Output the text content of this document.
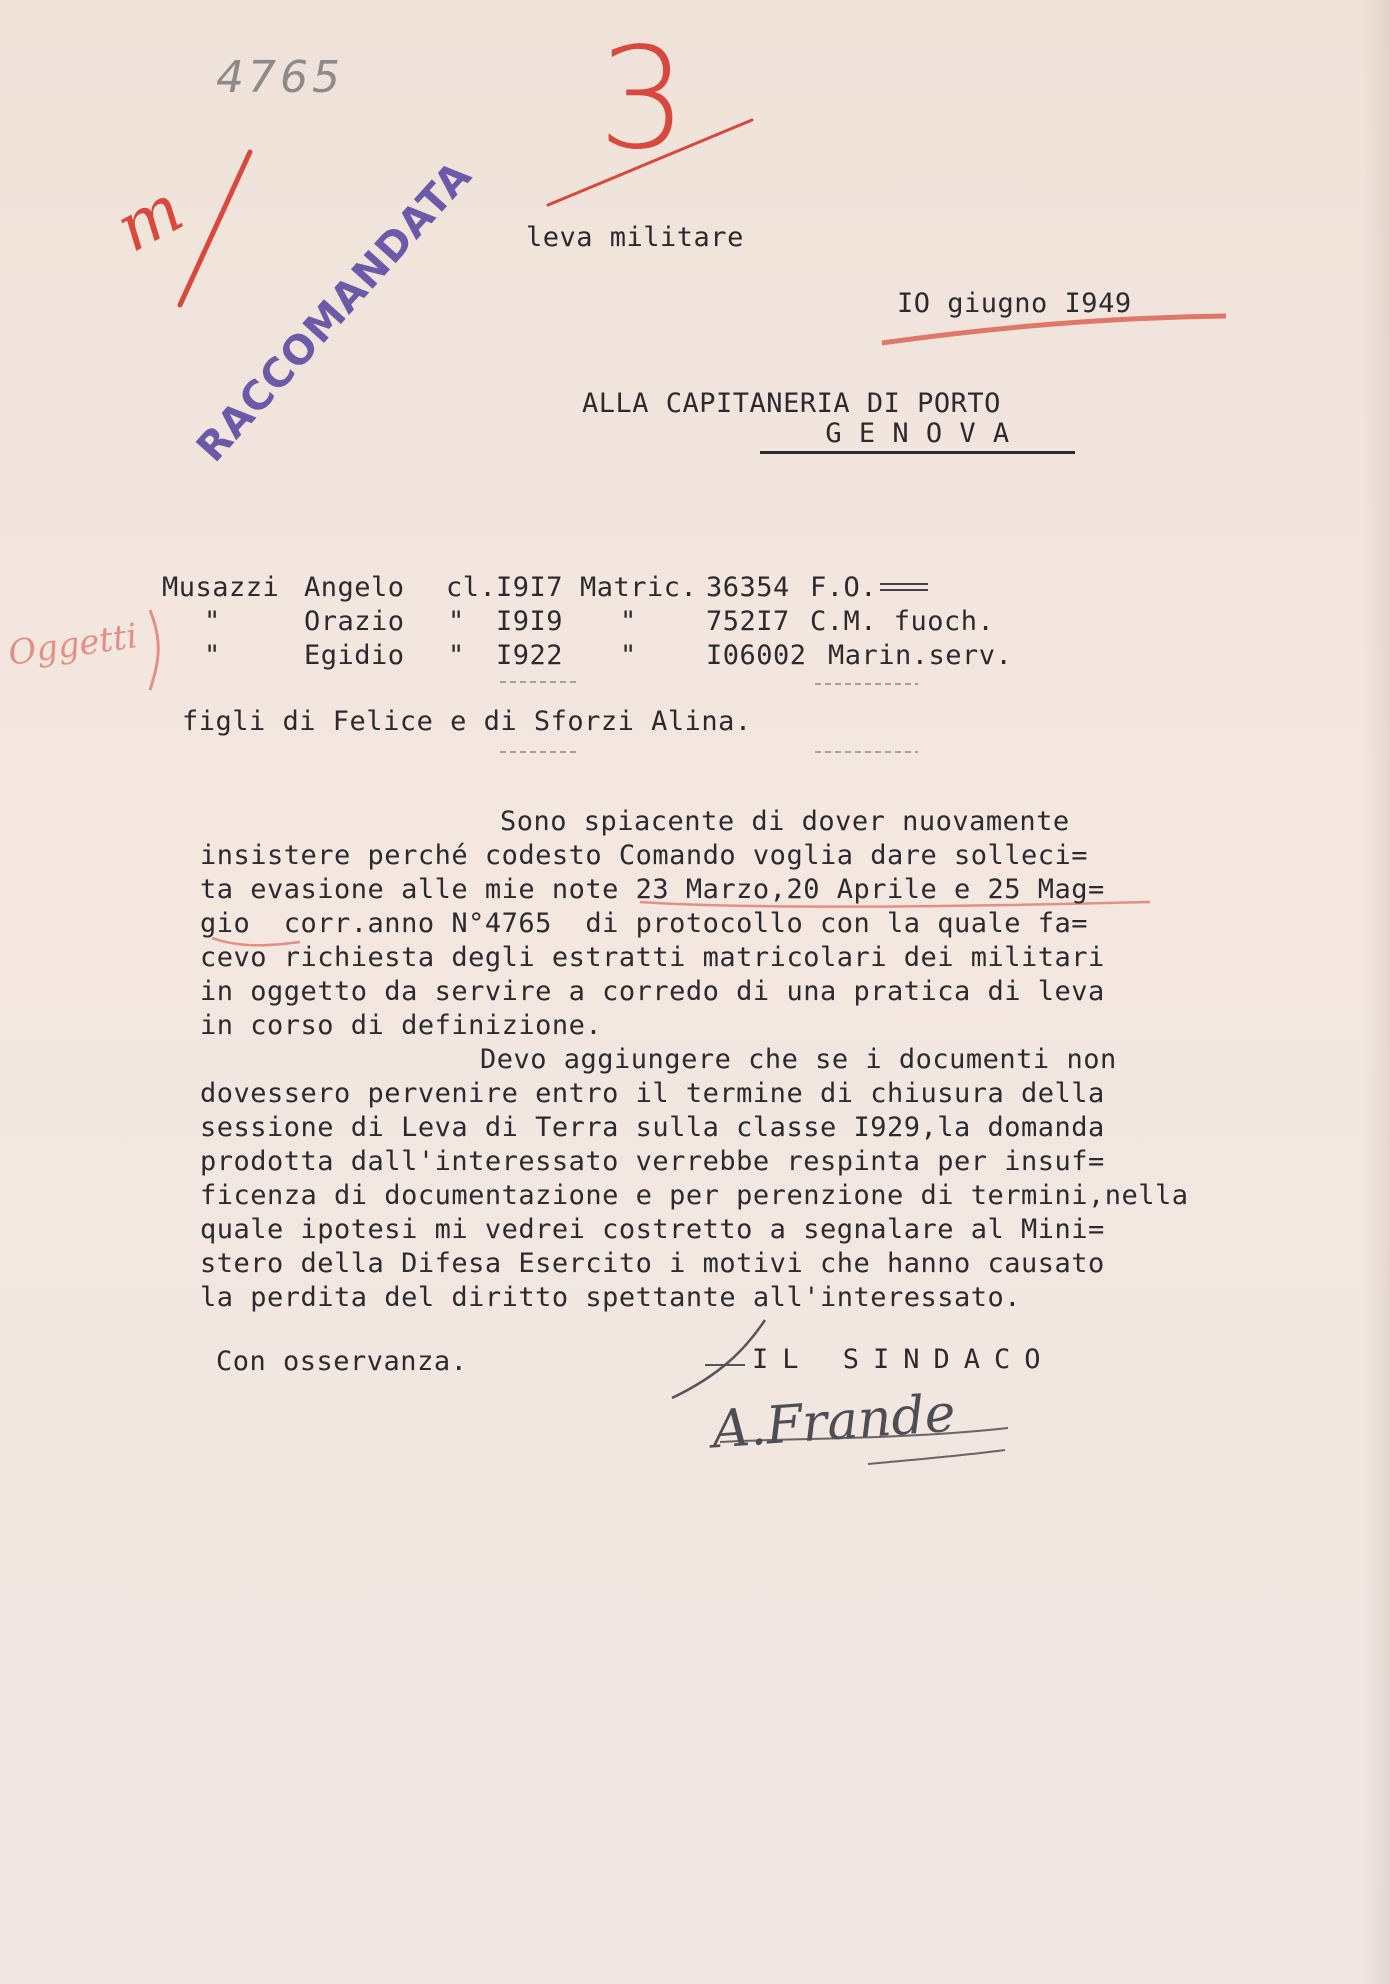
4765 3
m
Oggetti
RACCOMANDATA leva militare
IO giugno I949
ALLA CAPITANERIA DI PORTO
G E N O V A
Musazzi Angelo cl. I9I7 Matric. 36354 F.O.
"	Orazio " I9I9 "	752I7 C.M. fuoch.
"	Egidio " I922 "	I06002 Marin.serv.
figli di Felice e di Sforzi Alina.
Sono spiacente di dover nuovamente
insistere perché codesto Comando voglia dare solleci=
ta evasione alle mie note 23 Marzo,20 Aprile e 25 Mag=
gio  corr.anno N°4765  di protocollo con la quale fa=
cevo richiesta degli estratti matricolari dei militari
in oggetto da servire a corredo di una pratica di leva
in corso di definizione.
Devo aggiungere che se i documenti non
dovessero pervenire entro il termine di chiusura della
sessione di Leva di Terra sulla classe I929,la domanda
prodotta dall'interessato verrebbe respinta per insuf=
ficenza di documentazione e per perenzione di termini,nella
quale ipotesi mi vedrei costretto a segnalare al Mini=
stero della Difesa Esercito i motivi che hanno causato
la perdita del diritto spettante all'interessato.
Con osservanza.	IL SINDACO
A.Frande
